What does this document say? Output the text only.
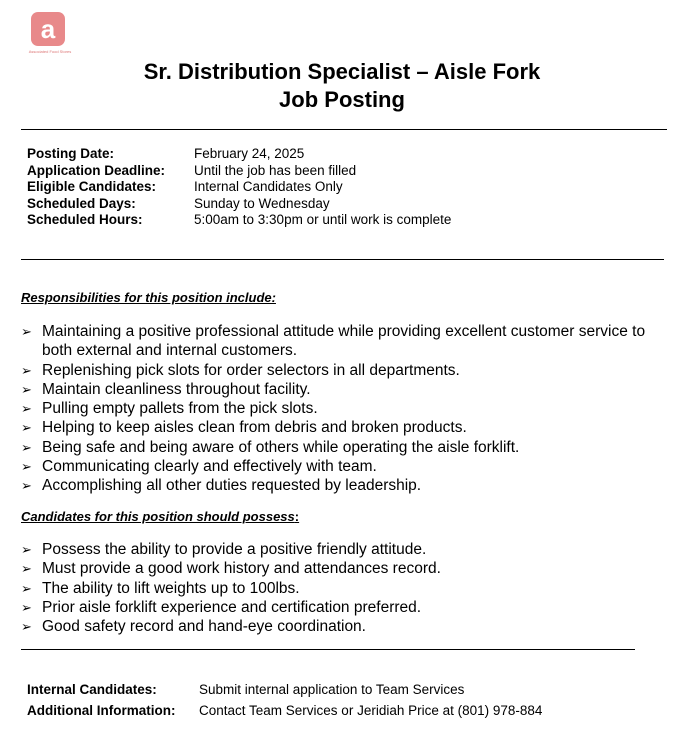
a
Associated Food Stores
Sr. Distribution Specialist – Aisle Fork
Job Posting
Posting Date:	February 24, 2025
Application Deadline:	Until the job has been filled
Eligible Candidates:	Internal Candidates Only
Scheduled Days:	Sunday to Wednesday
Scheduled Hours:	5:00am to 3:30pm or until work is complete
Responsibilities for this position include:
➢ Maintaining a positive professional attitude while providing excellent customer service to both external and internal customers.
➢ Replenishing pick slots for order selectors in all departments.
➢ Maintain cleanliness throughout facility.
➢ Pulling empty pallets from the pick slots.
➢ Helping to keep aisles clean from debris and broken products.
➢ Being safe and being aware of others while operating the aisle forklift.
➢ Communicating clearly and effectively with team.
➢ Accomplishing all other duties requested by leadership.
Candidates for this position should possess:
➢ Possess the ability to provide a positive friendly attitude.
➢ Must provide a good work history and attendances record.
➢ The ability to lift weights up to 100lbs.
➢ Prior aisle forklift experience and certification preferred.
➢ Good safety record and hand-eye coordination.
Internal Candidates:	Submit internal application to Team Services
Additional Information:	Contact Team Services or Jeridiah Price at (801) 978-884
